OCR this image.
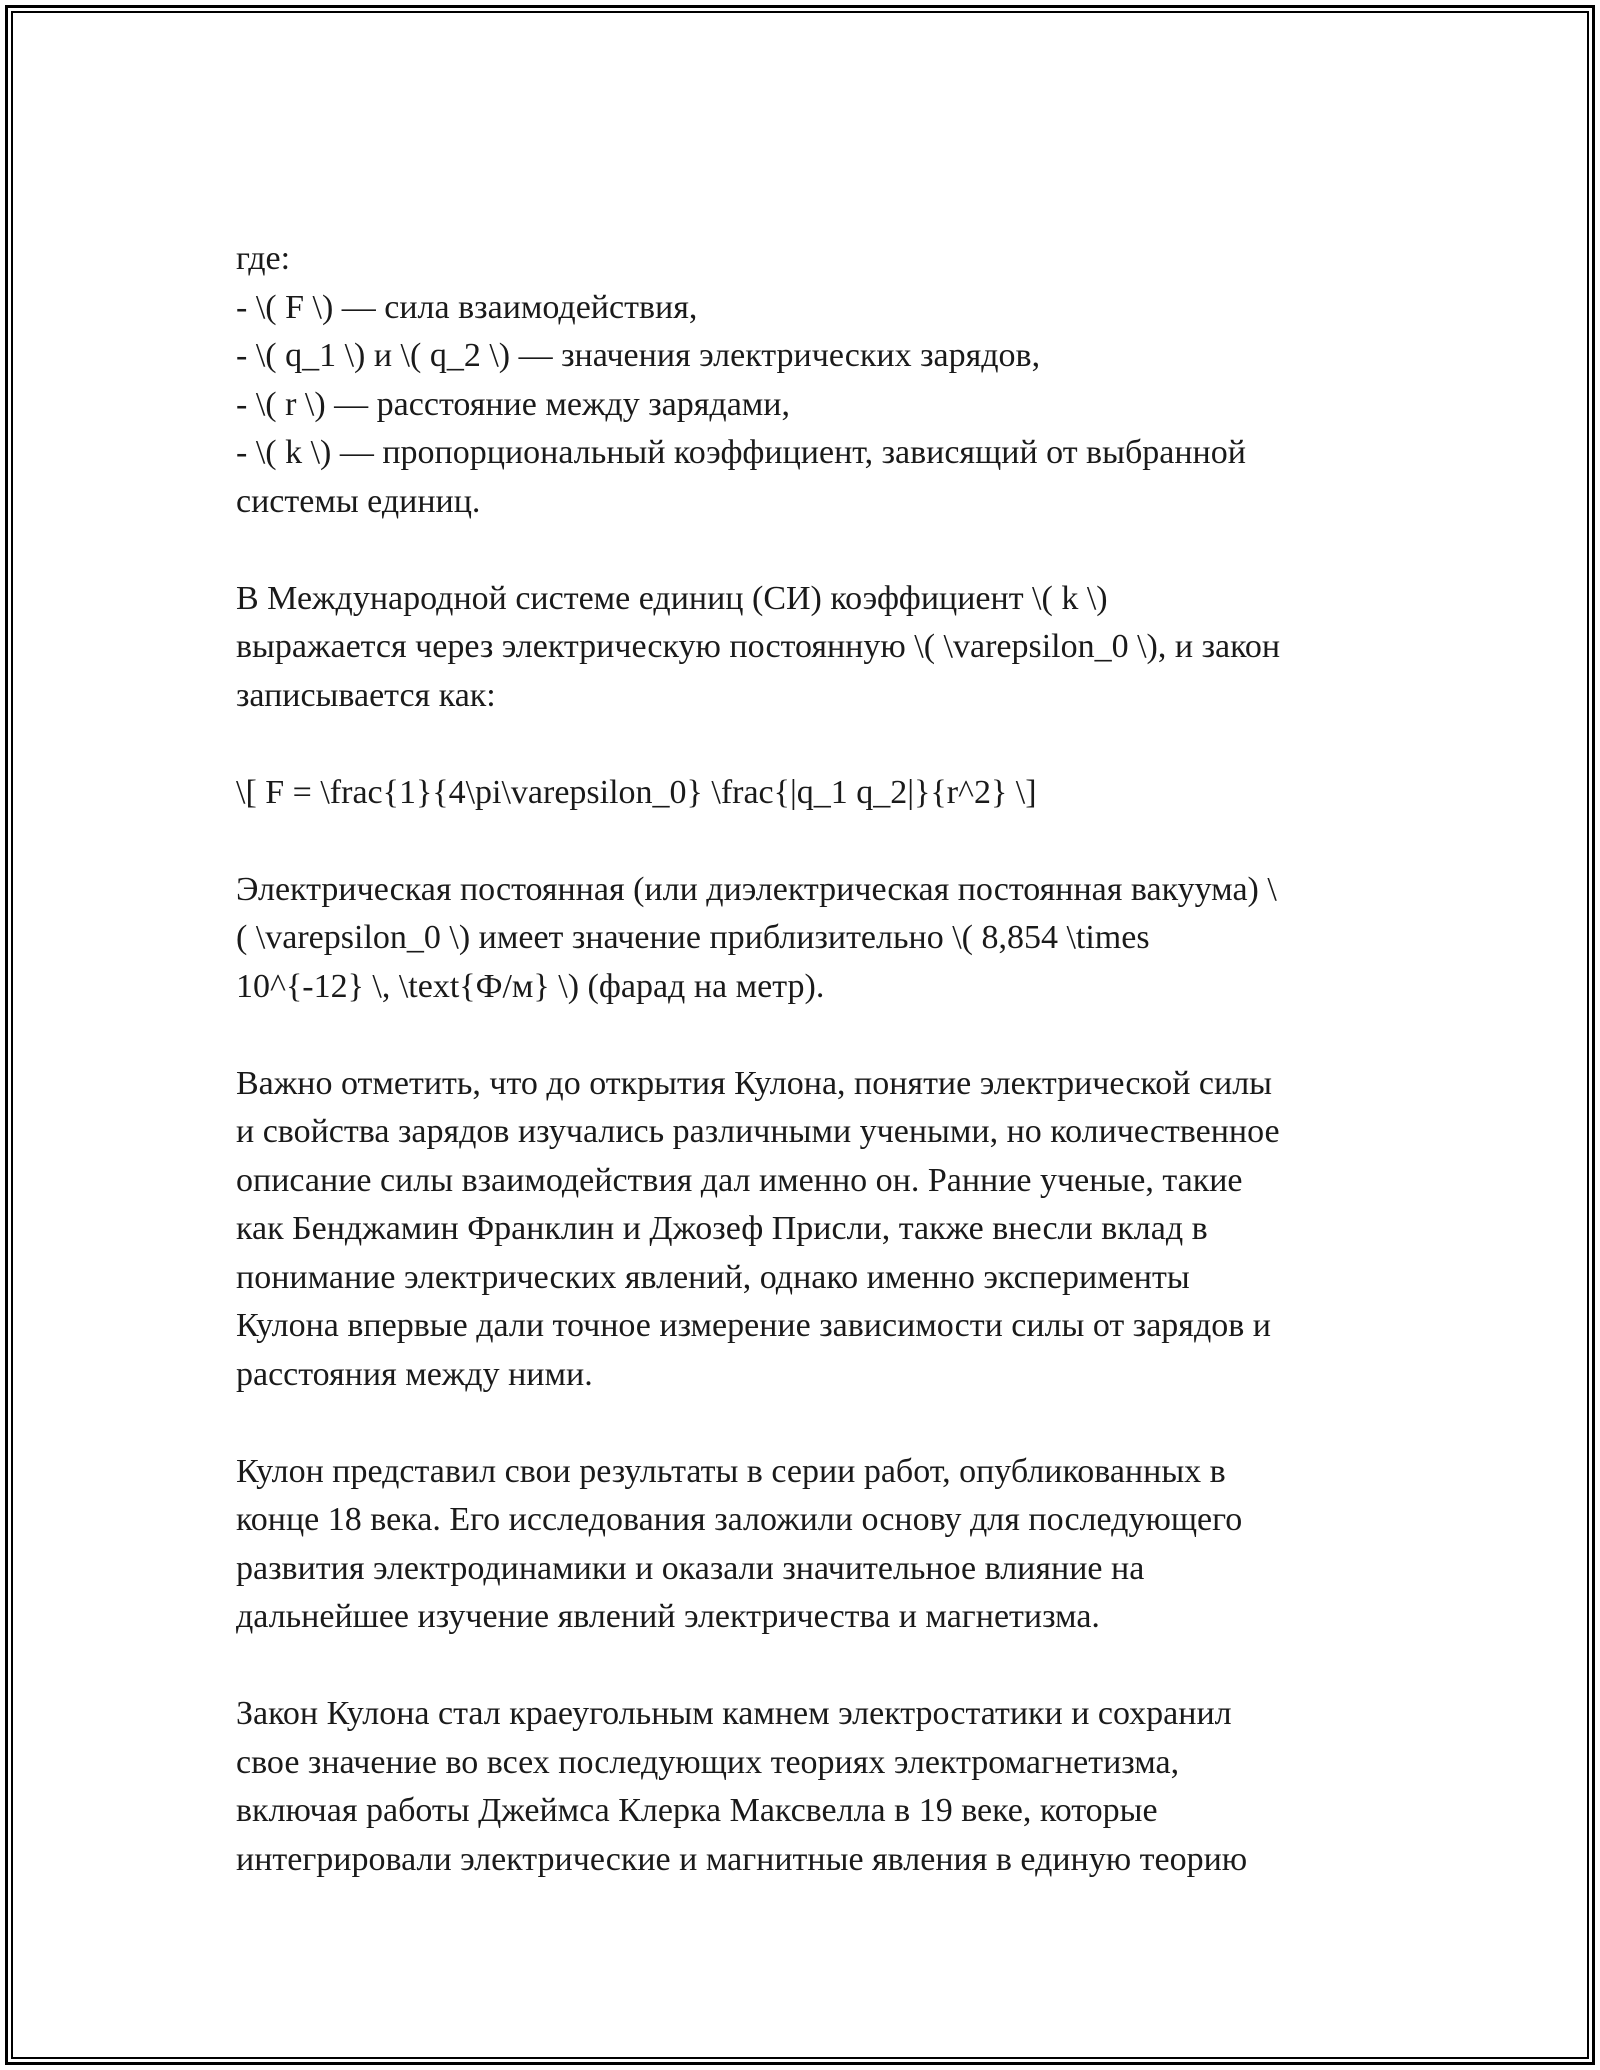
где:
- \( F \) — сила взаимодействия,
- \( q_1 \) и \( q_2 \) — значения электрических зарядов,
- \( r \) — расстояние между зарядами,
- \( k \) — пропорциональный коэффициент, зависящий от выбранной
системы единиц.
В Международной системе единиц (СИ) коэффициент \( k \)
выражается через электрическую постоянную \( \varepsilon_0 \), и закон
записывается как:
\[ F = \frac{1}{4\pi\varepsilon_0} \frac{|q_1 q_2|}{r^2} \]
Электрическая постоянная (или диэлектрическая постоянная вакуума) \
( \varepsilon_0 \) имеет значение приблизительно \( 8,854 \times
10^{-12} \, \text{Ф/м} \) (фарад на метр).
Важно отметить, что до открытия Кулона, понятие электрической силы
и свойства зарядов изучались различными учеными, но количественное
описание силы взаимодействия дал именно он. Ранние ученые, такие
как Бенджамин Франклин и Джозеф Присли, также внесли вклад в
понимание электрических явлений, однако именно эксперименты
Кулона впервые дали точное измерение зависимости силы от зарядов и
расстояния между ними.
Кулон представил свои результаты в серии работ, опубликованных в
конце 18 века. Его исследования заложили основу для последующего
развития электродинамики и оказали значительное влияние на
дальнейшее изучение явлений электричества и магнетизма.
Закон Кулона стал краеугольным камнем электростатики и сохранил
свое значение во всех последующих теориях электромагнетизма,
включая работы Джеймса Клерка Максвелла в 19 веке, которые
интегрировали электрические и магнитные явления в единую теорию
